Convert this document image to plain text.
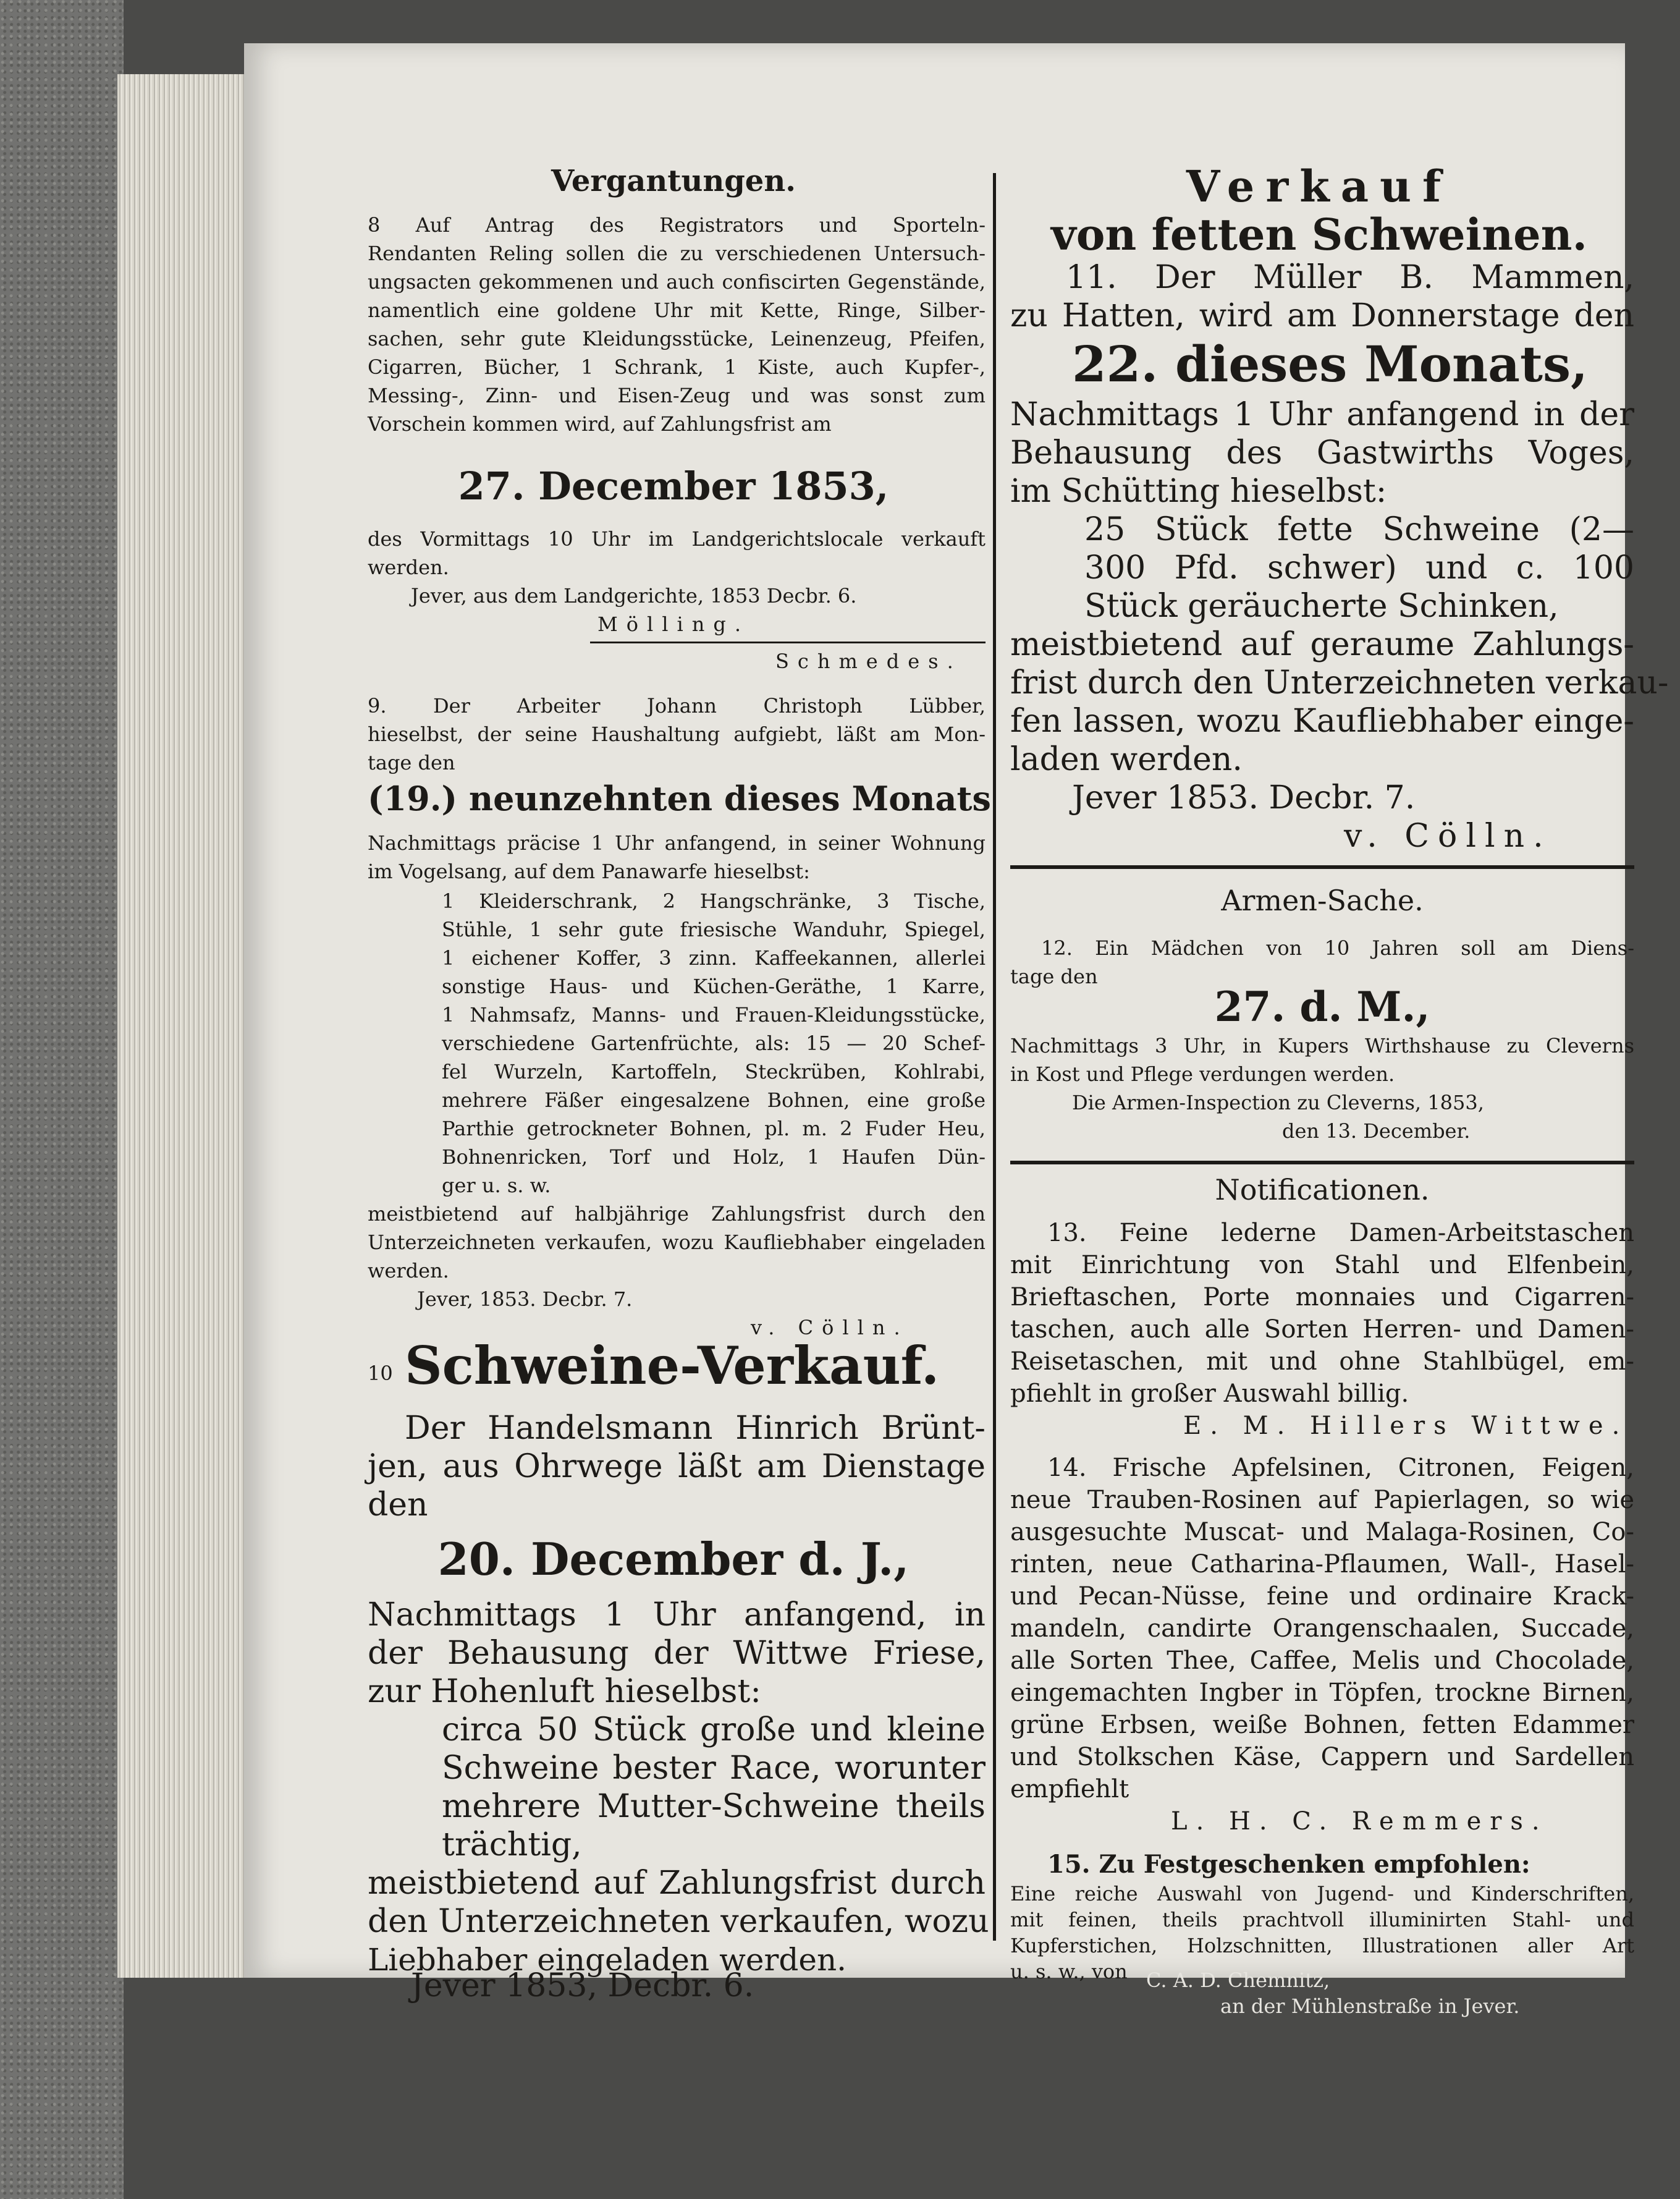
Vergantungen.
8 Auf Antrag des Registrators und Sporteln-
Rendanten Reling sollen die zu verschiedenen Untersuch-
ungsacten gekommenen und auch confiscirten Gegenstände,
namentlich eine goldene Uhr mit Kette, Ringe, Silber-
sachen, sehr gute Kleidungsstücke, Leinenzeug, Pfeifen,
Cigarren, Bücher, 1 Schrank, 1 Kiste, auch Kupfer-,
Messing-, Zinn- und Eisen-Zeug und was sonst zum
Vorschein kommen wird, auf Zahlungsfrist am
27. December 1853,
des Vormittags 10 Uhr im Landgerichtslocale verkauft
werden.
Jever, aus dem Landgerichte, 1853 Decbr. 6.
Mölling.
Schmedes.
9. Der Arbeiter Johann Christoph Lübber,
hieselbst, der seine Haushaltung aufgiebt, läßt am Mon-
tage den
(19.) neunzehnten dieses Monats
Nachmittags präcise 1 Uhr anfangend, in seiner Wohnung
im Vogelsang, auf dem Panawarfe hieselbst:
1 Kleiderschrank, 2 Hangschränke, 3 Tische,
Stühle, 1 sehr gute friesische Wanduhr, Spiegel,
1 eichener Koffer, 3 zinn. Kaffeekannen, allerlei
sonstige Haus- und Küchen-Geräthe, 1 Karre,
1 Nahmsafz, Manns- und Frauen-Kleidungsstücke,
verschiedene Gartenfrüchte, als: 15 — 20 Schef-
fel Wurzeln, Kartoffeln, Steckrüben, Kohlrabi,
mehrere Fäßer eingesalzene Bohnen, eine große
Parthie getrockneter Bohnen, pl. m. 2 Fuder Heu,
Bohnenricken, Torf und Holz, 1 Haufen Dün-
ger u. s. w.
meistbietend auf halbjährige Zahlungsfrist durch den
Unterzeichneten verkaufen, wozu Kaufliebhaber eingeladen
werden.
Jever, 1853. Decbr. 7.
v. Cölln.
10 Schweine-Verkauf.
Der Handelsmann Hinrich Brünt-
jen, aus Ohrwege läßt am Dienstage
den
20. December d. J.,
Nachmittags 1 Uhr anfangend, in
der Behausung der Wittwe Friese,
zur Hohenluft hieselbst:
circa 50 Stück große und kleine
Schweine bester Race, worunter
mehrere Mutter-Schweine theils
trächtig,
meistbietend auf Zahlungsfrist durch
den Unterzeichneten verkaufen, wozu
Liebhaber eingeladen werden.
Verkauf
von fetten Schweinen.
11. Der Müller B. Mammen,
zu Hatten, wird am Donnerstage den
22. dieses Monats,
Nachmittags 1 Uhr anfangend in der
Behausung des Gastwirths Voges,
im Schütting hieselbst:
25 Stück fette Schweine (2—
300 Pfd. schwer) und c. 100
Stück geräucherte Schinken,
meistbietend auf geraume Zahlungs-
frist durch den Unterzeichneten verkau-
fen lassen, wozu Kaufliebhaber einge-
laden werden.
Jever 1853. Decbr. 7.
v. Cölln.
Armen-Sache.
12. Ein Mädchen von 10 Jahren soll am Diens-
tage den
27. d. M.,
Nachmittags 3 Uhr, in Kupers Wirthshause zu Cleverns
in Kost und Pflege verdungen werden.
Die Armen-Inspection zu Cleverns, 1853,
den 13. December.
Notificationen.
13. Feine lederne Damen-Arbeitstaschen
mit Einrichtung von Stahl und Elfenbein,
Brieftaschen, Porte monnaies und Cigarren-
taschen, auch alle Sorten Herren- und Damen-
Reisetaschen, mit und ohne Stahlbügel, em-
pfiehlt in großer Auswahl billig.
E. M. Hillers Wittwe.
14. Frische Apfelsinen, Citronen, Feigen,
neue Trauben-Rosinen auf Papierlagen, so wie
ausgesuchte Muscat- und Malaga-Rosinen, Co-
rinten, neue Catharina-Pflaumen, Wall-, Hasel-
und Pecan-Nüsse, feine und ordinaire Krack-
mandeln, candirte Orangenschaalen, Succade,
alle Sorten Thee, Caffee, Melis und Chocolade,
eingemachten Ingber in Töpfen, trockne Birnen,
grüne Erbsen, weiße Bohnen, fetten Edammer
und Stolkschen Käse, Cappern und Sardellen
empfiehlt
L. H. C. Remmers.
15. Zu Festgeschenken empfohlen:
Eine reiche Auswahl von Jugend- und Kinderschriften,
mit feinen, theils prachtvoll illuminirten Stahl- und
Kupferstichen, Holzschnitten, Illustrationen aller Art
u. s. w., von
Jever 1853, Decbr. 6.	C. A. D. Chemnitz,
an der Mühlenstraße in Jever.
